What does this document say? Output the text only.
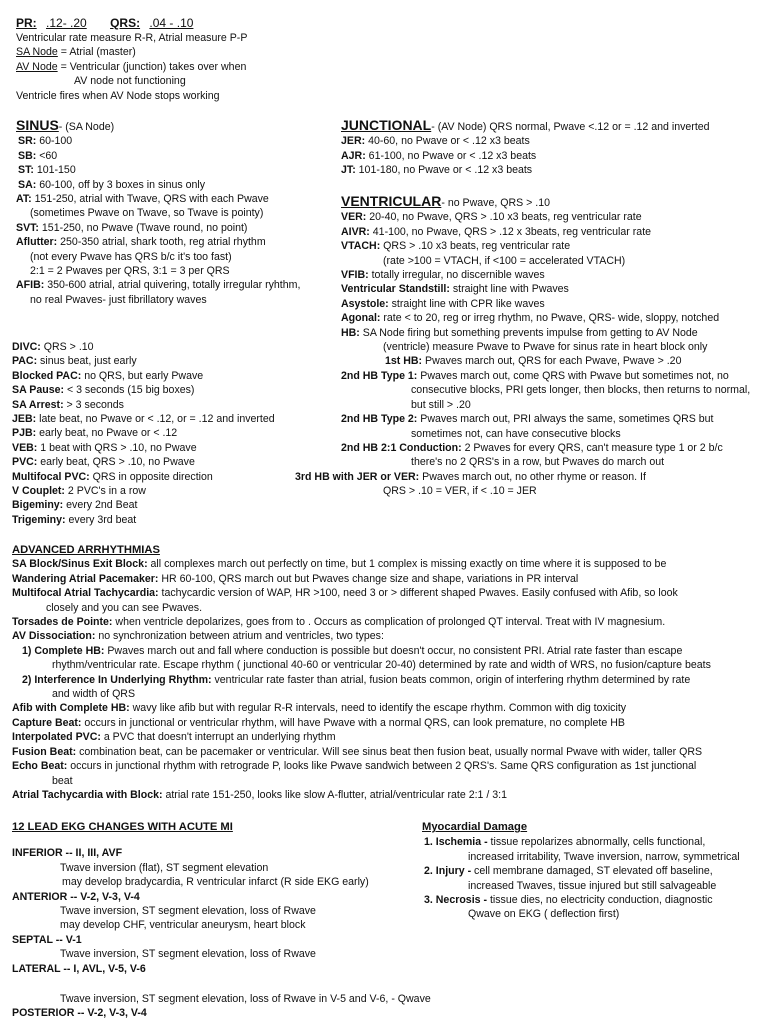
PR: .12- .20 QRS: .04 - .10
Ventricular rate measure R-R, Atrial measure P-P
SA Node = Atrial (master)
AV Node = Ventricular (junction) takes over when
AV node not functioning
Ventricle fires when AV Node stops working
SINUS- (SA Node)
SR: 60-100
SB: <60
ST: 101-150
SA: 60-100, off by 3 boxes in sinus only
AT: 151-250, atrial with Twave, QRS with each Pwave
(sometimes Pwave on Twave, so Twave is pointy)
SVT: 151-250, no Pwave (Twave round, no point)
Aflutter: 250-350 atrial, shark tooth, reg atrial rhythm
(not every Pwave has QRS b/c it's too fast)
2:1 = 2 Pwaves per QRS, 3:1 = 3 per QRS
AFIB: 350-600 atrial, atrial quivering, totally irregular ryhthm,
no real Pwaves- just fibrillatory waves
DIVC: QRS > .10
PAC: sinus beat, just early
Blocked PAC: no QRS, but early Pwave
SA Pause: < 3 seconds (15 big boxes)
SA Arrest: > 3 seconds
JEB: late beat, no Pwave or < .12, or = .12 and inverted
PJB: early beat, no Pwave or < .12
VEB: 1 beat with QRS > .10, no Pwave
PVC: early beat, QRS > .10, no Pwave
Multifocal PVC: QRS in opposite direction
V Couplet: 2 PVC's in a row
Bigeminy: every 2nd Beat
Trigeminy: every 3rd beat
JUNCTIONAL- (AV Node) QRS normal, Pwave <.12 or = .12 and inverted
JER: 40-60, no Pwave or < .12 x3 beats
AJR: 61-100, no Pwave or < .12 x3 beats
JT: 101-180, no Pwave or < .12 x3 beats
VENTRICULAR- no Pwave, QRS > .10
VER: 20-40, no Pwave, QRS > .10 x3 beats, reg ventricular rate
AIVR: 41-100, no Pwave, QRS > .12 x 3beats, reg ventricular rate
VTACH: QRS > .10 x3 beats, reg ventricular rate
(rate >100 = VTACH, if <100 = accelerated VTACH)
VFIB: totally irregular, no discernible waves
Ventricular Standstill: straight line with Pwaves
Asystole: straight line with CPR like waves
Agonal: rate < to 20, reg or irreg rhythm, no Pwave, QRS- wide, sloppy, notched
HB: SA Node firing but something prevents impulse from getting to AV Node
(ventricle) measure Pwave to Pwave for sinus rate in heart block only
1st HB: Pwaves march out, QRS for each Pwave, Pwave > .20
2nd HB Type 1: Pwaves march out, come QRS with Pwave but sometimes not, no
consecutive blocks, PRI gets longer, then blocks, then returns to normal,
but still > .20
2nd HB Type 2: Pwaves march out, PRI always the same, sometimes QRS but
sometimes not, can have consecutive blocks
2nd HB 2:1 Conduction: 2 Pwaves for every QRS, can't measure type 1 or 2 b/c
there's no 2 QRS's in a row, but Pwaves do march out
3rd HB with JER or VER: Pwaves march out, no other rhyme or reason. If
QRS > .10 = VER, if < .10 = JER
ADVANCED ARRHYTHMIAS
SA Block/Sinus Exit Block: all complexes march out perfectly on time, but 1 complex is missing exactly on time where it is supposed to be
Wandering Atrial Pacemaker: HR 60-100, QRS march out but Pwaves change size and shape, variations in PR interval
Multifocal Atrial Tachycardia: tachycardic version of WAP, HR >100, need 3 or > different shaped Pwaves. Easily confused with Afib, so look
closely and you can see Pwaves.
Torsades de Pointe: when ventricle depolarizes, goes from to . Occurs as complication of prolonged QT interval. Treat with IV magnesium.
AV Dissociation: no synchronization between atrium and ventricles, two types:
1) Complete HB: Pwaves march out and fall where conduction is possible but doesn't occur, no consistent PRI. Atrial rate faster than escape
rhythm/ventricular rate. Escape rhythm ( junctional 40-60 or ventricular 20-40) determined by rate and width of WRS, no fusion/capture beats
2) Interference In Underlying Rhythm: ventricular rate faster than atrial, fusion beats common, origin of interfering rhythm determined by rate
and width of QRS
Afib with Complete HB: wavy like afib but with regular R-R intervals, need to identify the escape rhythm. Common with dig toxicity
Capture Beat: occurs in junctional or ventricular rhythm, will have Pwave with a normal QRS, can look premature, no complete HB
Interpolated PVC: a PVC that doesn't interrupt an underlying rhythm
Fusion Beat: combination beat, can be pacemaker or ventricular. Will see sinus beat then fusion beat, usually normal Pwave with wider, taller QRS
Echo Beat: occurs in junctional rhythm with retrograde P, looks like Pwave sandwich between 2 QRS's. Same QRS configuration as 1st junctional
beat
Atrial Tachycardia with Block: atrial rate 151-250, looks like slow A-flutter, atrial/ventricular rate 2:1 / 3:1
12 LEAD EKG CHANGES WITH ACUTE MI
INFERIOR -- II, III, AVF
Twave inversion (flat), ST segment elevation
may develop bradycardia, R ventricular infarct (R side EKG early)
ANTERIOR -- V-2, V-3, V-4
Twave inversion, ST segment elevation, loss of Rwave
may develop CHF, ventricular aneurysm, heart block
SEPTAL -- V-1
Twave inversion, ST segment elevation, loss of Rwave
LATERAL -- I, AVL, V-5, V-6
Twave inversion, ST segment elevation, loss of Rwave in V-5 and V-6, - Qwave
POSTERIOR -- V-2, V-3, V-4
Myocardial Damage
1. Ischemia - tissue repolarizes abnormally, cells functional,
increased irritability, Twave inversion, narrow, symmetrical
2. Injury - cell membrane damaged, ST elevated off baseline,
increased Twaves, tissue injured but still salvageable
3. Necrosis - tissue dies, no electricity conduction, diagnostic
Qwave on EKG ( deflection first)
